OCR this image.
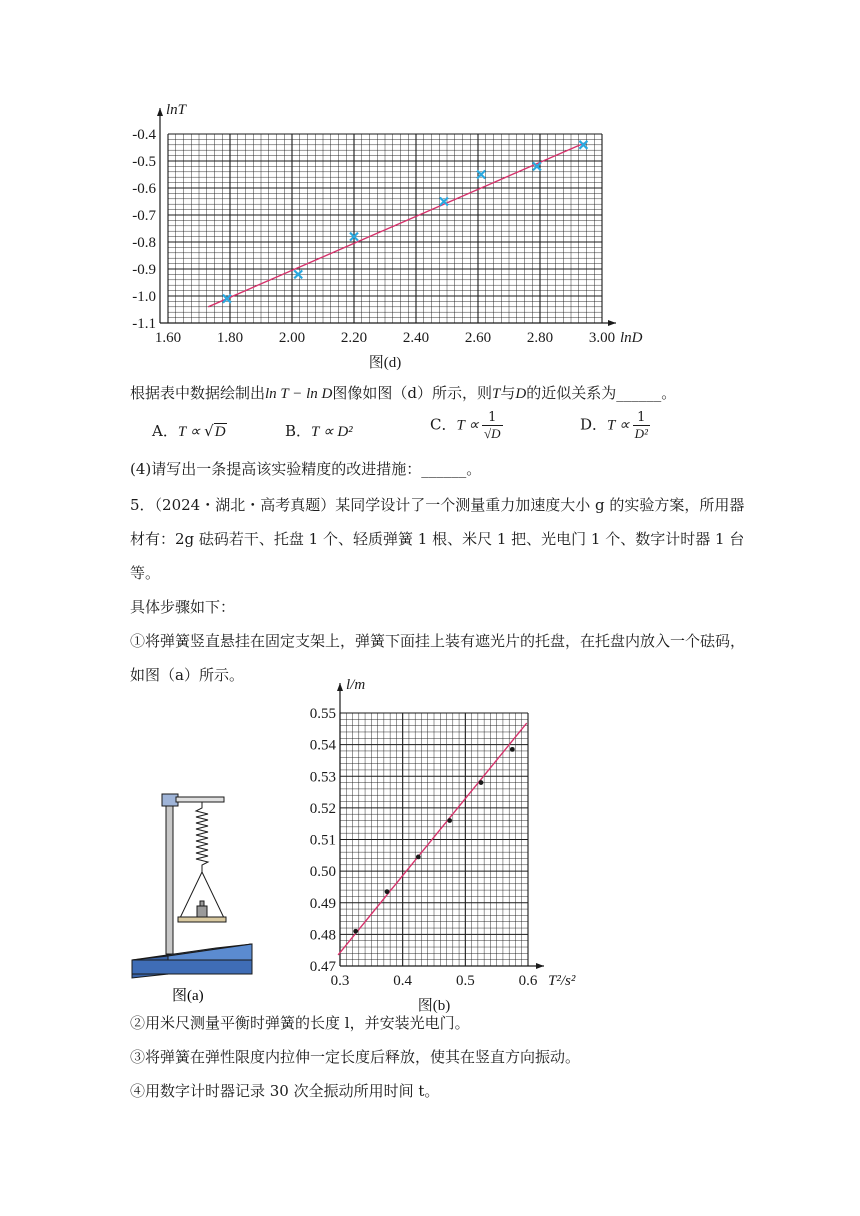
1.60 1.80 2.00 2.20 2.40 2.60 2.80 3.00
-0.4
-0.5
-0.6
-0.7
-0.8
-0.9
-1.0
-1.1
lnD
lnT
图(d)
根据表中数据绘制出ln T − ln D图像如图（d）所示，则T与D的近似关系为______。
A．T ∝ √D	B．T ∝ D²	C．$T \propto \frac{1}{√D}$	D．$T \propto \frac{1}{\text{D²}}$
(4)请写出一条提高该实验精度的改进措施：______。
5．（2024・湖北・高考真题）某同学设计了一个测量重力加速度大小 g 的实验方案，所用器
材有：2g 砝码若干、托盘 1 个、轻质弹簧 1 根、米尺 1 把、光电门 1 个、数字计时器 1 台
等。
具体步骤如下：
①将弹簧竖直悬挂在固定支架上，弹簧下面挂上装有遮光片的托盘，在托盘内放入一个砝码，
如图（a）所示。
图(a)
0.3	0.4	0.5	0.6
0.55
0.54
0.53
0.52
0.51
0.50
0.49
0.48
0.47
T²/s²
l/m
图(b)
②用米尺测量平衡时弹簧的长度 l，并安装光电门。
③将弹簧在弹性限度内拉伸一定长度后释放，使其在竖直方向振动。
④用数字计时器记录 30 次全振动所用时间 t。
